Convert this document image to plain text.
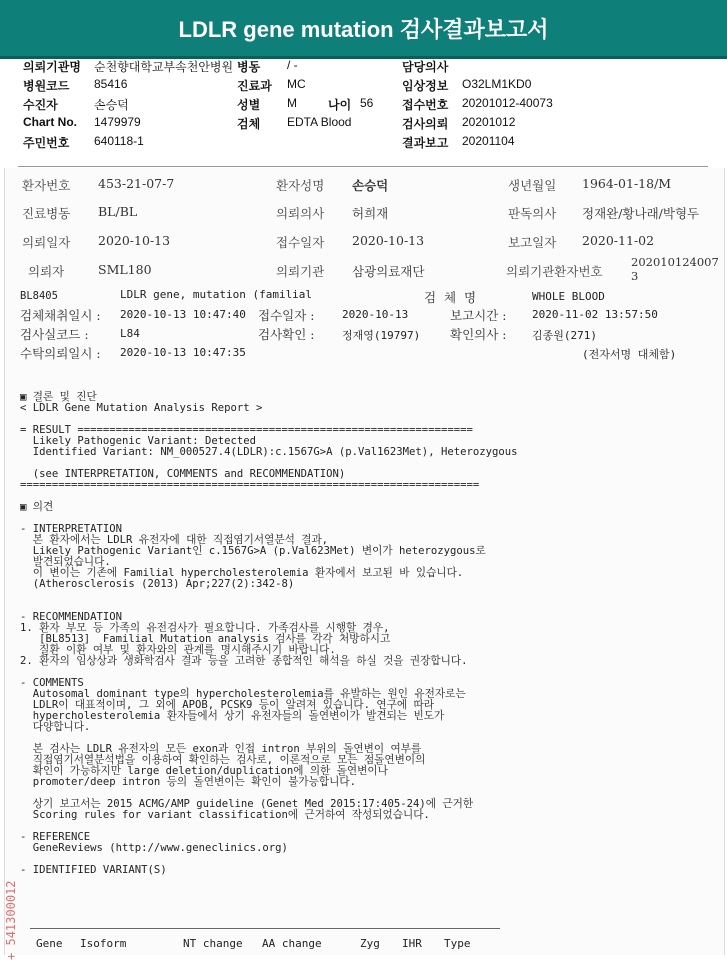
LDLR gene mutation 검사결과보고서
의뢰기관명 순천향대학교부속천안병원 병동 / -	담당의사
병원코드 85416	진료과 MC	임상정보 O32LM1KD0
수진자	손승덕	성별 M	나이 56 접수번호 20201012-40073
Chart No. 1479979	검체 EDTA Blood	검사의뢰 20201012
주민번호 640118-1	결과보고 20201104
환자번호 453-21-07-7	환자성명 손승덕	생년월일 1964-01-18/M
진료병동 BL/BL	의뢰의사 허희재	판독의사 정재완/황나래/박형두
의뢰일자 2020-10-13	접수일자 2020-10-13	보고일자 2020-11-02
의뢰자	SML180	의뢰기관 삼광의료재단	의뢰기관환자번호
202010124007
3
BL8405	LDLR gene, mutation (familial	검  체  명	WHOLE BLOOD
검체채취일시 : 2020-10-13 10:47:40 접수일자 :	2020-10-13	보고시간 : 2020-11-02 13:57:50
검사실코드 :	L84	검사확인 :	정재영(19797) 확인의사 : 김종원(271)
수탁의뢰일시 : 2020-10-13 10:47:35	(전자서명 대체함)
▣ 결론 및 진단
< LDLR Gene Mutation Analysis Report >

= RESULT ==============================================================
Likely Pathogenic Variant: Detected
Identified Variant: NM_000527.4(LDLR):c.1567G>A (p.Val1623Met), Heterozygous

(see INTERPRETATION, COMMENTS and RECOMMENDATION)
========================================================================

▣ 의견

- INTERPRETATION
본 환자에서는 LDLR 유전자에 대한 직접염기서열분석 결과,
Likely Pathogenic Variant인 c.1567G>A (p.Val623Met) 변이가 heterozygous로
발견되었습니다.
이 변이는 기존에 Familial hypercholesterolemia 환자에서 보고된 바 있습니다.
(Atherosclerosis (2013) Apr;227(2):342-8)

- RECOMMENDATION
1. 환자 부모 등 가족의 유전검사가 필요합니다. 가족검사를 시행할 경우,
[BL8513]  Familial Mutation analysis 검사를 각각 처방하시고
질환 이환 여부 및 환자와의 관계를 명시해주시기 바랍니다.
2. 환자의 임상상과 생화학검사 결과 등을 고려한 종합적인 해석을 하실 것을 권장합니다.

- COMMENTS
Autosomal dominant type의 hypercholesterolemia를 유발하는 원인 유전자로는
LDLR이 대표적이며, 그 외에 APOB, PCSK9 등이 알려져 있습니다. 연구에 따라
hypercholesterolemia 환자들에서 상기 유전자들의 돌연변이가 발견되는 빈도가
다양합니다.

본 검사는 LDLR 유전자의 모든 exon과 인접 intron 부위의 돌연변이 여부를
직접염기서열분석법을 이용하여 확인하는 검사로, 이론적으로 모든 점돌연변이의
확인이 가능하지만 large deletion/duplication에 의한 돌연변이나
promoter/deep intron 등의 돌연변이는 확인이 불가능합니다.

상기 보고서는 2015 ACMG/AMP guideline (Genet Med 2015:17:405-24)에 근거한
Scoring rules for variant classification에 근거하여 작성되었습니다.

- REFERENCE
GeneReviews (http://www.geneclinics.org)

- IDENTIFIED VARIANT(S)
Gene Isoform	NT change AA change	Zyg IHR Type
+ 541300012
